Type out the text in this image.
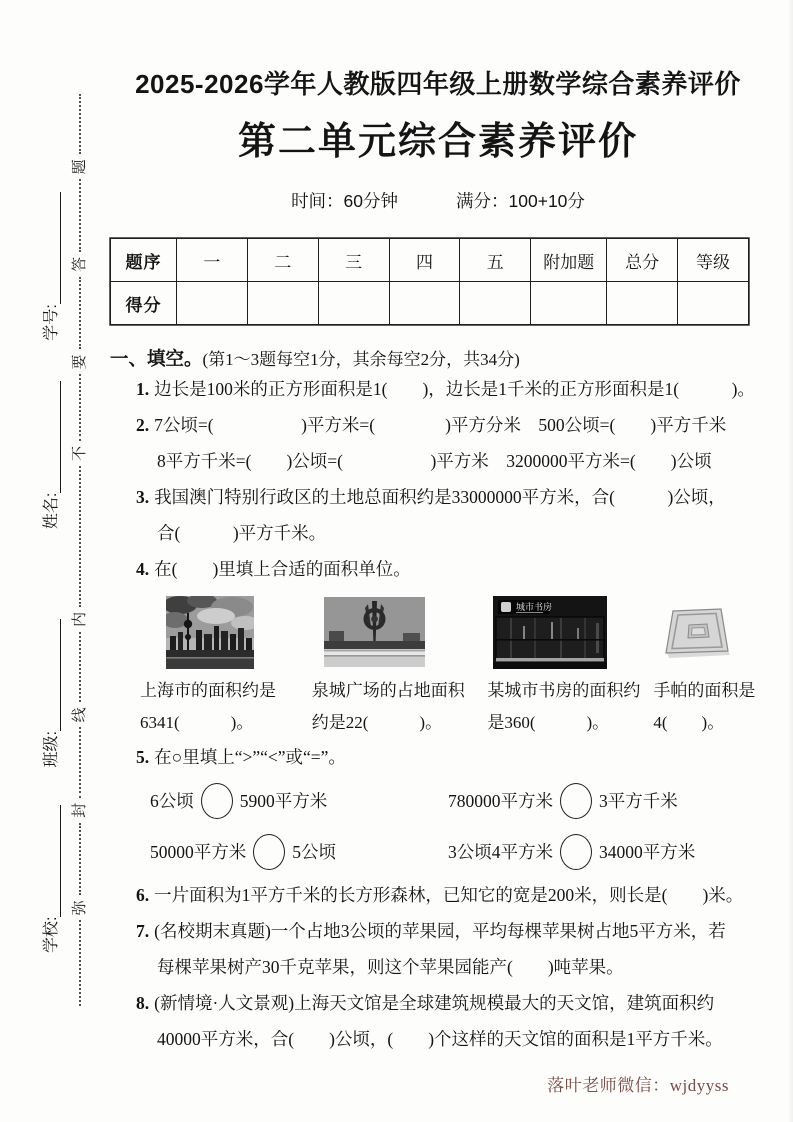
学校:
班级:
姓名:
学号:
弥
封
线
内
不
要
答
题
2025-2026学年人教版四年级上册数学综合素养评价
第二单元综合素养评价
时间：60分钟	满分：100+10分
题序	一	二	三	四	五	附加题	总分	等级
得分								
一、填空。(第1～3题每空1分，其余每空2分，共34分)
1. 边长是100米的正方形面积是1(　　)，边长是1千米的正方形面积是1(　　　)。
2. 7公顷=(　　　　　)平方米=(　　　　)平方分米　500公顷=(　　)平方千米
8平方千米=(　　)公顷=(　　　　　)平方米　3200000平方米=(　　)公顷
3. 我国澳门特别行政区的土地总面积约是33000000平方米，合(　　　)公顷，
合(　　　)平方千米。
4. 在(　　)里填上合适的面积单位。
上海市的面积约是
6341(　　　)。
泉城广场的占地面积
约是22(　　　)。
城市书房
某城市书房的面积约
是360(　　　)。
手帕的面积是
4(　　)。
5. 在○里填上“>”“<”或“=”。
6公顷	5900平方米	780000平方米	3平方千米
50000平方米	5公顷	3公顷4平方米	34000平方米
6. 一片面积为1平方千米的长方形森林，已知它的宽是200米，则长是(　　)米。
7. (名校期末真题)一个占地3公顷的苹果园，平均每棵苹果树占地5平方米，若
每棵苹果树产30千克苹果，则这个苹果园能产(　　)吨苹果。
8. (新情境·人文景观)上海天文馆是全球建筑规模最大的天文馆，建筑面积约
40000平方米，合(　　)公顷，(　　)个这样的天文馆的面积是1平方千米。
落叶老师微信：wjdyyss
